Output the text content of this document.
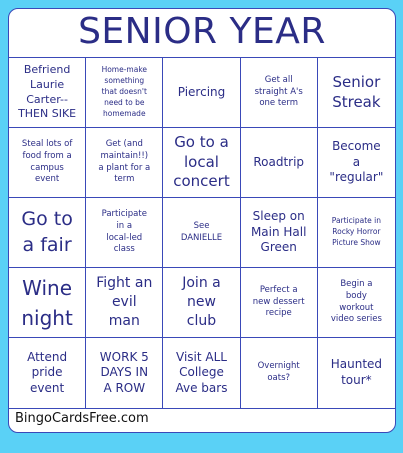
SENIOR YEAR
Befriend
Laurie
Carter--
THEN SIKE
Home-make
something
that doesn't
need to be
homemade
Piercing
Get all
straight A's
one term
Senior
Streak
Steal lots of
food from a
campus
event
Get (and
maintain!!)
a plant for a
term
Go to a
local
concert
Roadtrip
Become
a
"regular"
Go to
a fair
Participate
in a
local-led
class
See
DANIELLE
Sleep on
Main Hall
Green
Participate in
Rocky Horror
Picture Show
Wine
night
Fight an
evil
man
Join a
new
club
Perfect a
new dessert
recipe
Begin a
body
workout
video series
Attend
pride
event
WORK 5
DAYS IN
A ROW
Visit ALL
College
Ave bars
Overnight
oats?
Haunted
tour*
BingoCardsFree.com
